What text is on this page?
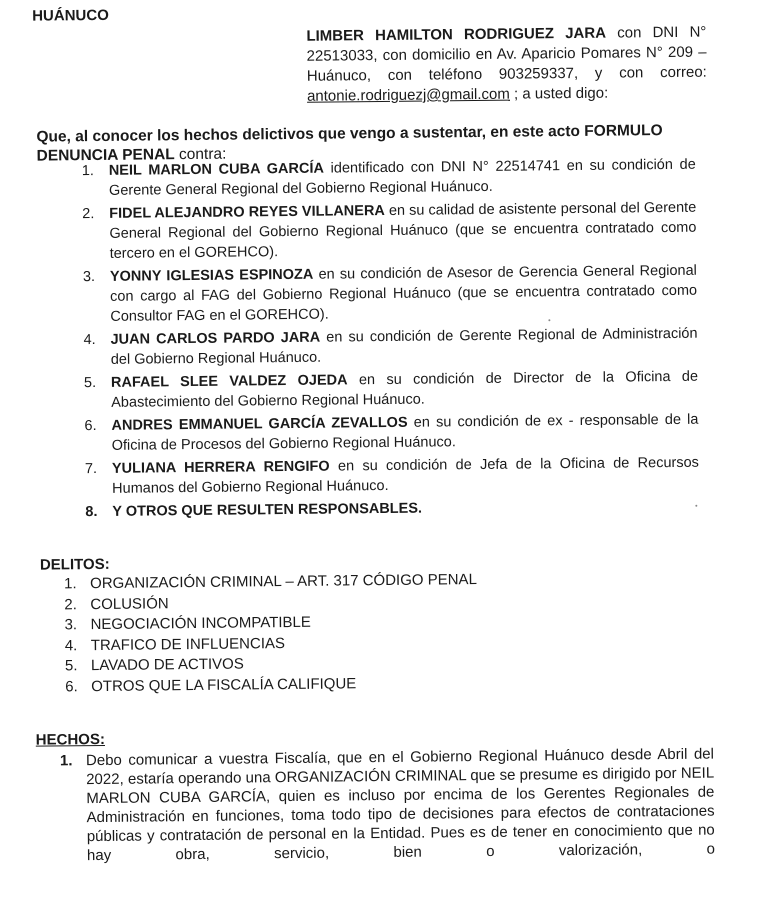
HUÁNUCO
LIMBER HAMILTON RODRIGUEZ JARA con DNI N° 22513033, con domicilio en Av. Aparicio Pomares N° 209 – Huánuco, con teléfono 903259337, y con correo: antonie.rodriguezj@gmail.com ; a usted digo:
Que, al conocer los hechos delictivos que vengo a sustentar, en este acto FORMULO DENUNCIA PENAL contra:
1. NEIL MARLON CUBA GARCÍA identificado con DNI N° 22514741 en su condición de Gerente General Regional del Gobierno Regional Huánuco.
2. FIDEL ALEJANDRO REYES VILLANERA en su calidad de asistente personal del Gerente General Regional del Gobierno Regional Huánuco (que se encuentra contratado como tercero en el GOREHCO).
3. YONNY IGLESIAS ESPINOZA en su condición de Asesor de Gerencia General Regional con cargo al FAG del Gobierno Regional Huánuco (que se encuentra contratado como Consultor FAG en el GOREHCO).
4. JUAN CARLOS PARDO JARA en su condición de Gerente Regional de Administración del Gobierno Regional Huánuco.
5. RAFAEL SLEE VALDEZ OJEDA en su condición de Director de la Oficina de Abastecimiento del Gobierno Regional Huánuco.
6. ANDRES EMMANUEL GARCÍA ZEVALLOS en su condición de ex - responsable de la Oficina de Procesos del Gobierno Regional Huánuco.
7. YULIANA HERRERA RENGIFO en su condición de Jefa de la Oficina de Recursos Humanos del Gobierno Regional Huánuco.
8. Y OTROS QUE RESULTEN RESPONSABLES.
DELITOS:
1. ORGANIZACIÓN CRIMINAL – ART. 317 CÓDIGO PENAL
2. COLUSIÓN
3. NEGOCIACIÓN INCOMPATIBLE
4. TRAFICO DE INFLUENCIAS
5. LAVADO DE ACTIVOS
6. OTROS QUE LA FISCALÍA CALIFIQUE
HECHOS:
1. Debo comunicar a vuestra Fiscalía, que en el Gobierno Regional Huánuco desde Abril del 2022, estaría operando una ORGANIZACIÓN CRIMINAL que se presume es dirigido por NEIL MARLON CUBA GARCÍA, quien es incluso por encima de los Gerentes Regionales de Administración en funciones, toma todo tipo de decisiones para efectos de contrataciones públicas y contratación de personal en la Entidad. Pues es de tener en conocimiento que no hay obra, servicio, bien o valorización, o
